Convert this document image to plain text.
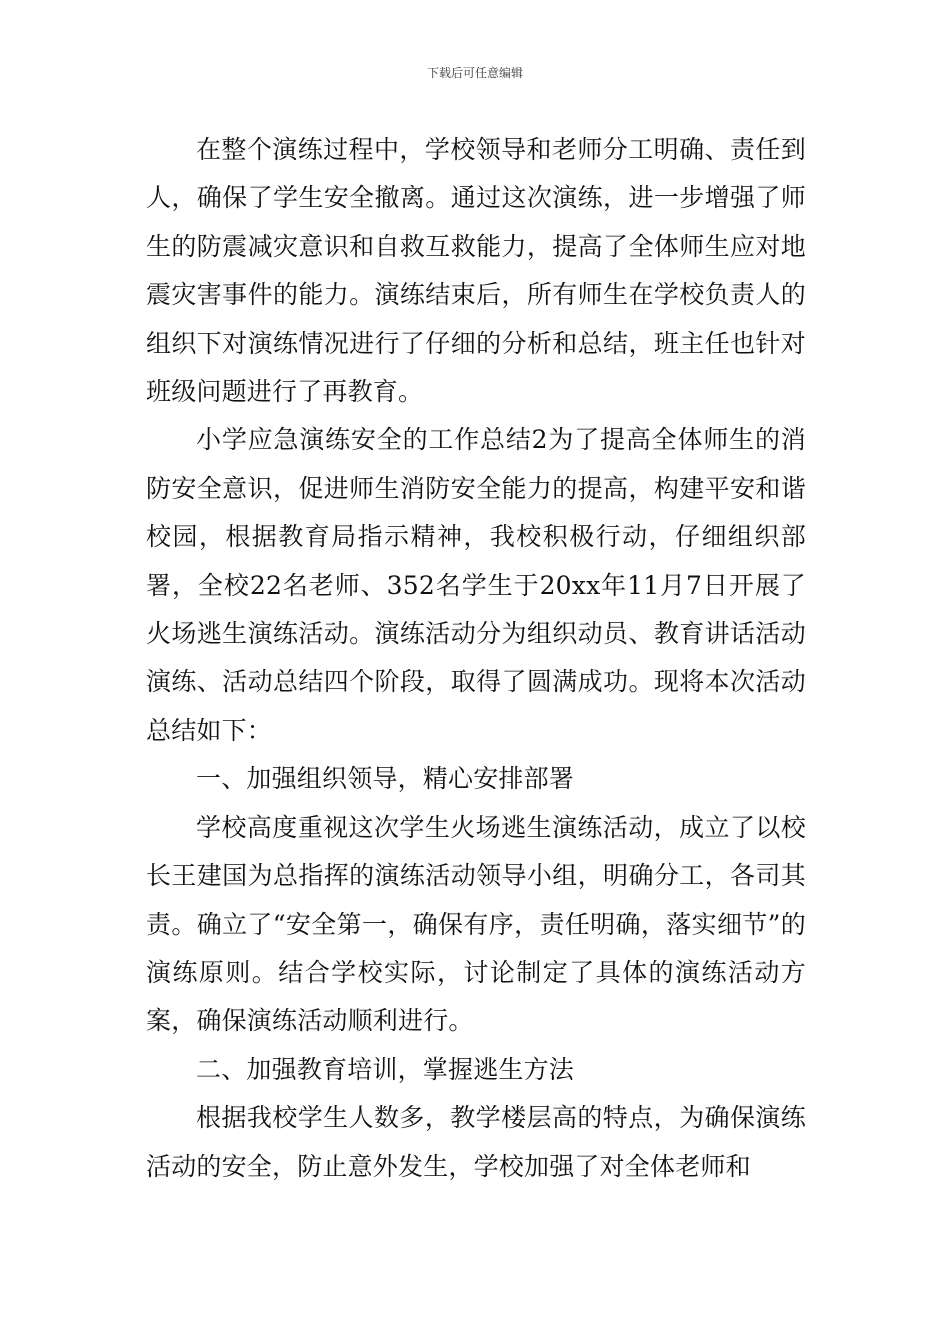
下载后可任意编辑

在整个演练过程中，学校领导和老师分工明确、责任到人，确保了学生安全撤离。通过这次演练，进一步增强了师生的防震减灾意识和自救互救能力，提高了全体师生应对地震灾害事件的能力。演练结束后，所有师生在学校负责人的组织下对演练情况进行了仔细的分析和总结，班主任也针对班级问题进行了再教育。

小学应急演练安全的工作总结2为了提高全体师生的消防安全意识，促进师生消防安全能力的提高，构建平安和谐校园，根据教育局指示精神，我校积极行动，仔细组织部署，全校22名老师、352名学生于20xx年11月7日开展了火场逃生演练活动。演练活动分为组织动员、教育讲话活动演练、活动总结四个阶段，取得了圆满成功。现将本次活动总结如下：

一、加强组织领导，精心安排部署

学校高度重视这次学生火场逃生演练活动，成立了以校长王建国为总指挥的演练活动领导小组，明确分工，各司其责。确立了“安全第一，确保有序，责任明确，落实细节”的演练原则。结合学校实际，讨论制定了具体的演练活动方案，确保演练活动顺利进行。

二、加强教育培训，掌握逃生方法

根据我校学生人数多，教学楼层高的特点，为确保演练活动的安全，防止意外发生，学校加强了对全体老师和
